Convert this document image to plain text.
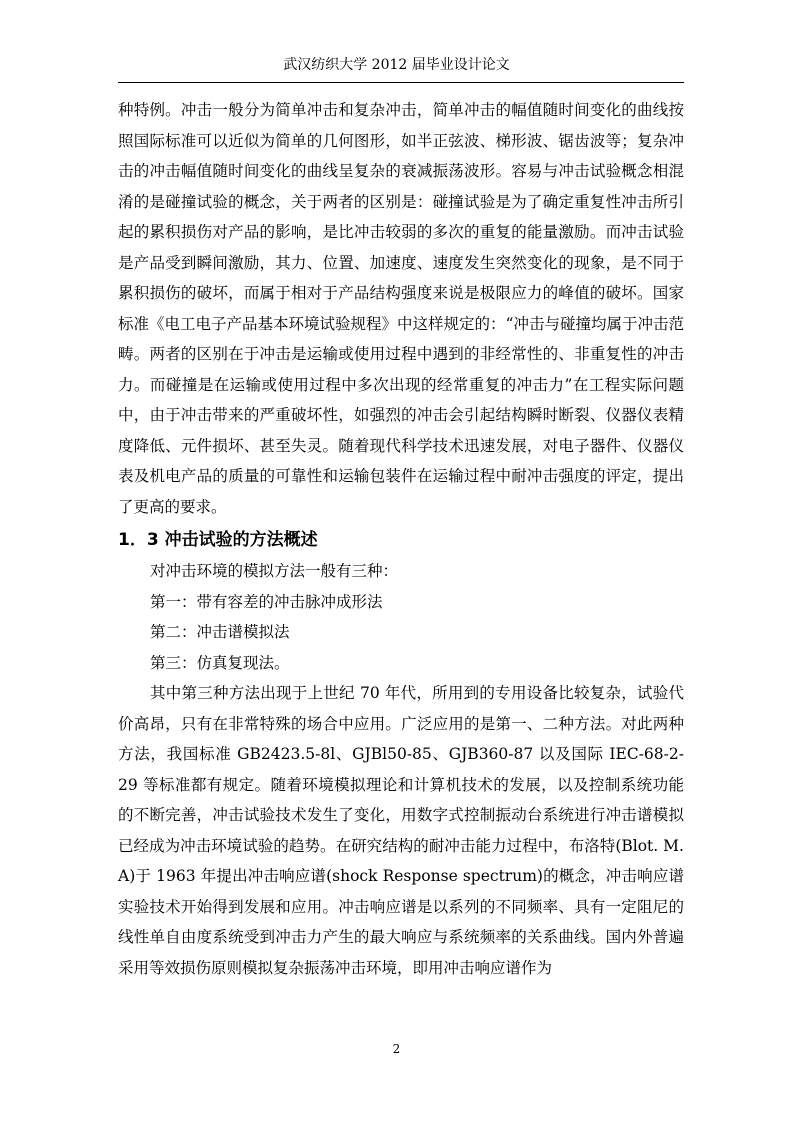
武汉纺织大学 2012 届毕业设计论文

种特例。冲击一般分为简单冲击和复杂冲击，简单冲击的幅值随时间变化的曲线按照国际标准可以近似为简单的几何图形，如半正弦波、梯形波、锯齿波等；复杂冲击的冲击幅值随时间变化的曲线呈复杂的衰减振荡波形。容易与冲击试验概念相混淆的是碰撞试验的概念，关于两者的区别是：碰撞试验是为了确定重复性冲击所引起的累积损伤对产品的影响，是比冲击较弱的多次的重复的能量激励。而冲击试验是产品受到瞬间激励，其力、位置、加速度、速度发生突然变化的现象，是不同于累积损伤的破坏，而属于相对于产品结构强度来说是极限应力的峰值的破坏。国家标准《电工电子产品基本环境试验规程》中这样规定的：“冲击与碰撞均属于冲击范畴。两者的区别在于冲击是运输或使用过程中遇到的非经常性的、非重复性的冲击力。而碰撞是在运输或使用过程中多次出现的经常重复的冲击力”在工程实际问题中，由于冲击带来的严重破坏性，如强烈的冲击会引起结构瞬时断裂、仪器仪表精度降低、元件损坏、甚至失灵。随着现代科学技术迅速发展，对电子器件、仪器仪表及机电产品的质量的可靠性和运输包装件在运输过程中耐冲击强度的评定，提出了更高的要求。

1．3 冲击试验的方法概述

对冲击环境的模拟方法一般有三种：

第一：带有容差的冲击脉冲成形法

第二：冲击谱模拟法

第三：仿真复现法。

其中第三种方法出现于上世纪 70 年代，所用到的专用设备比较复杂，试验代价高昂，只有在非常特殊的场合中应用。广泛应用的是第一、二种方法。对此两种方法，我国标准 GB2423.5-8l、GJBl50-85、GJB360-87 以及国际 IEC-68-2-29 等标准都有规定。随着环境模拟理论和计算机技术的发展，以及控制系统功能的不断完善，冲击试验技术发生了变化，用数字式控制振动台系统进行冲击谱模拟已经成为冲击环境试验的趋势。在研究结构的耐冲击能力过程中，布洛特(Blot. M. A)于 1963 年提出冲击响应谱(shock Response spectrum)的概念，冲击响应谱实验技术开始得到发展和应用。冲击响应谱是以系列的不同频率、具有一定阻尼的线性单自由度系统受到冲击力产生的最大响应与系统频率的关系曲线。国内外普遍采用等效损伤原则模拟复杂振荡冲击环境，即用冲击响应谱作为

2
